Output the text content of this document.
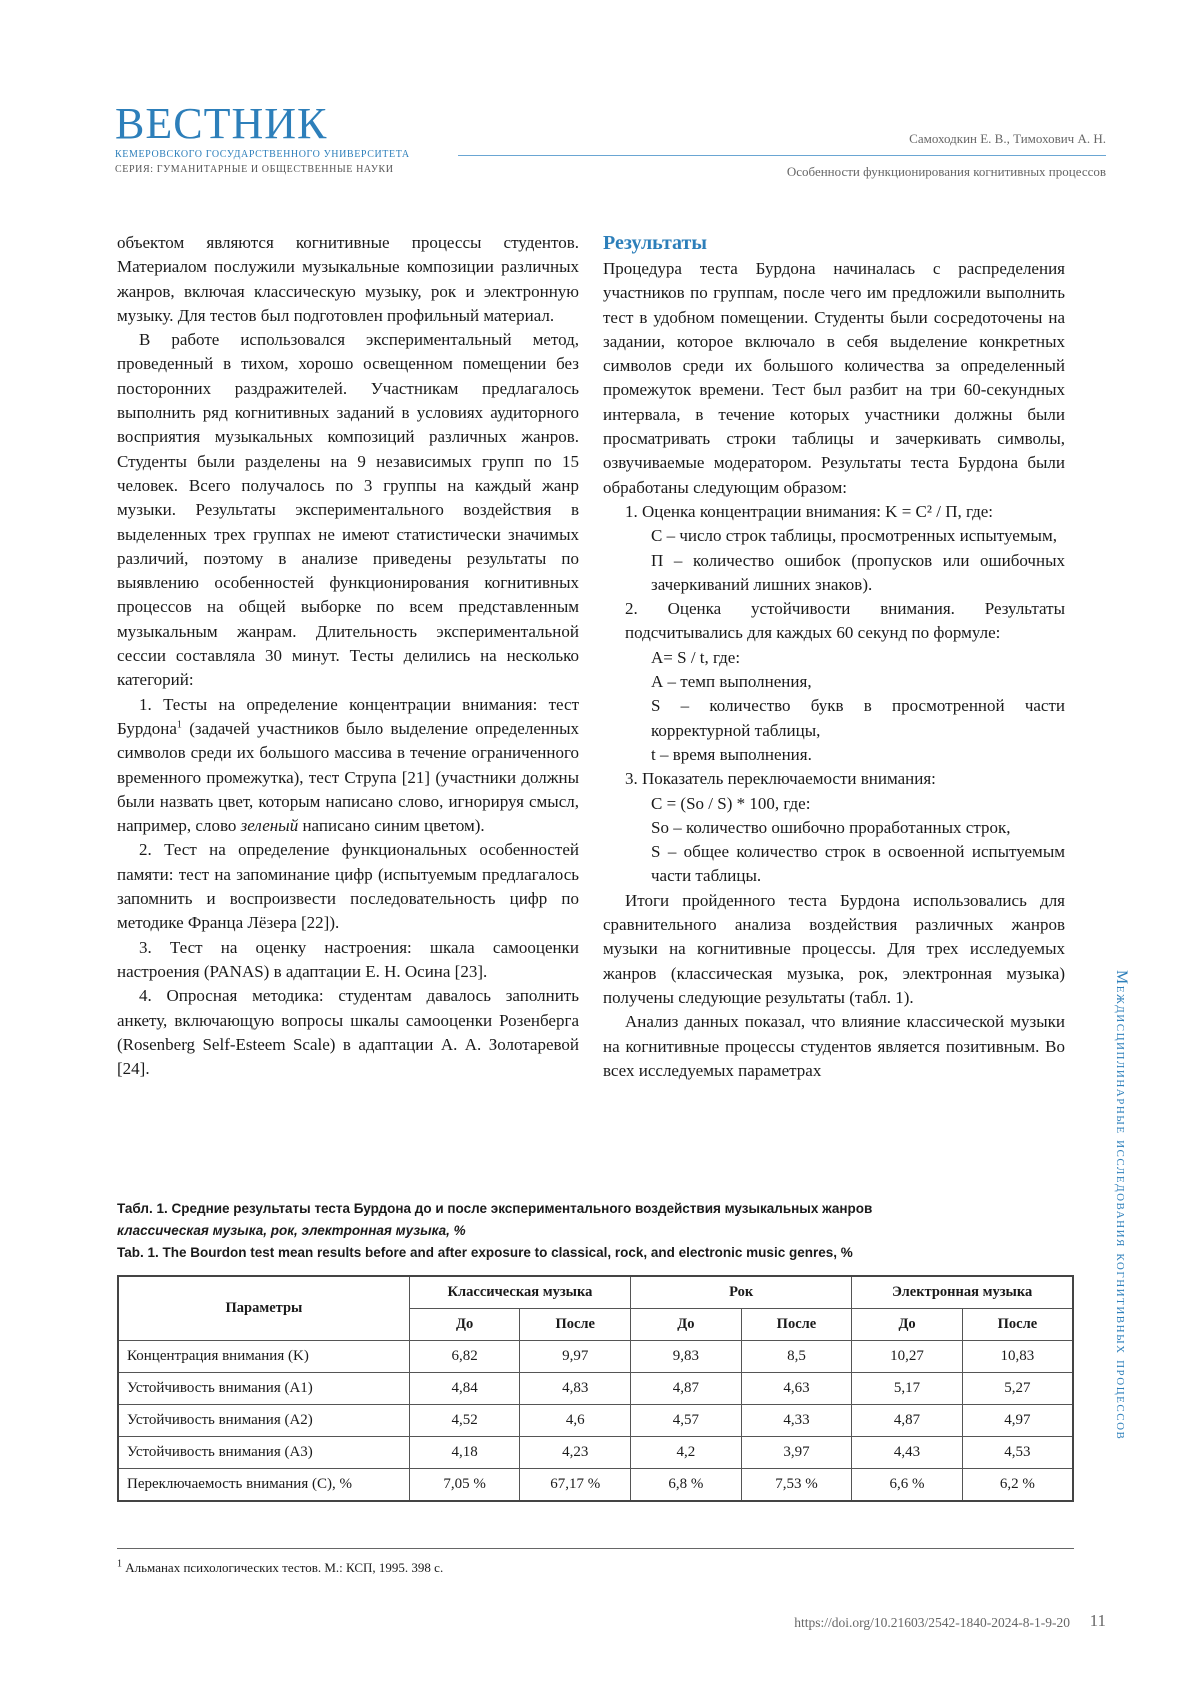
ВЕСТНИК
КЕМЕРОВСКОГО ГОСУДАРСТВЕННОГО УНИВЕРСИТЕТА
СЕРИЯ: ГУМАНИТАРНЫЕ И ОБЩЕСТВЕННЫЕ НАУКИ
Самоходкин Е. В., Тимохович А. Н.
Особенности функционирования когнитивных процессов

объектом являются когнитивные процессы студентов. Материалом послужили музыкальные композиции различных жанров, включая классическую музыку, рок и электронную музыку. Для тестов был подготовлен профильный материал.

В работе использовался экспериментальный метод, проведенный в тихом, хорошо освещенном помещении без посторонних раздражителей. Участникам предлагалось выполнить ряд когнитивных заданий в условиях аудиторного восприятия музыкальных композиций различных жанров. Студенты были разделены на 9 независимых групп по 15 человек. Всего получалось по 3 группы на каждый жанр музыки. Результаты экспериментального воздействия в выделенных трех группах не имеют статистически значимых различий, поэтому в анализе приведены результаты по выявлению особенностей функционирования когнитивных процессов на общей выборке по всем представленным музыкальным жанрам. Длительность экспериментальной сессии составляла 30 минут. Тесты делились на несколько категорий:

1. Тесты на определение концентрации внимания: тест Бурдона$^1$ (задачей участников было выделение определенных символов среди их большого массива в течение ограниченного временного промежутка), тест Струпа [21] (участники должны были назвать цвет, которым написано слово, игнорируя смысл, например, слово зеленый написано синим цветом).

2. Тест на определение функциональных особенностей памяти: тест на запоминание цифр (испытуемым предлагалось запомнить и воспроизвести последовательность цифр по методике Франца Лёзера [22]).

3. Тест на оценку настроения: шкала самооценки настроения (PANAS) в адаптации Е. Н. Осина [23].

4. Опросная методика: студентам давалось заполнить анкету, включающую вопросы шкалы самооценки Розенберга (Rosenberg Self-Esteem Scale) в адаптации А. А. Золотаревой [24].

Результаты

Процедура теста Бурдона начиналась с распределения участников по группам, после чего им предложили выполнить тест в удобном помещении. Студенты были сосредоточены на задании, которое включало в себя выделение конкретных символов среди их большого количества за определенный промежуток времени. Тест был разбит на три 60-секундных интервала, в течение которых участники должны были просматривать строки таблицы и зачеркивать символы, озвучиваемые модератором. Результаты теста Бурдона были обработаны следующим образом:

1. Оценка концентрации внимания: K = C² / П, где:

С – число строк таблицы, просмотренных испытуемым,

П – количество ошибок (пропусков или ошибочных зачеркиваний лишних знаков).

2. Оценка устойчивости внимания. Результаты подсчитывались для каждых 60 секунд по формуле:

A= S / t, где:

А – темп выполнения,

S – количество букв в просмотренной части корректурной таблицы,

t – время выполнения.

3. Показатель переключаемости внимания:

C = (So / S) * 100, где:

So – количество ошибочно проработанных строк,

S – общее количество строк в освоенной испытуемым части таблицы.

Итоги пройденного теста Бурдона использовались для сравнительного анализа воздействия различных жанров музыки на когнитивные процессы. Для трех исследуемых жанров (классическая музыка, рок, электронная музыка) получены следующие результаты (табл. 1).

Анализ данных показал, что влияние классической музыки на когнитивные процессы студентов является позитивным. Во всех исследуемых параметрах	Междисциплинарные исследования когнитивных процессов
Табл. 1. Средние результаты теста Бурдона до и после экспериментального воздействия музыкальных жанров
классическая музыка, рок, электронная музыка, %
Tab. 1. The Bourdon test mean results before and after exposure to classical, rock, and electronic music genres, %
Параметры	Классическая музыка		Рок		Электронная музыка	
	До	После	До	После	До	После
Концентрация внимания (K)	6,82	9,97	9,83	8,5	10,27	10,83
Устойчивость внимания (A1)	4,84	4,83	4,87	4,63	5,17	5,27
Устойчивость внимания (A2)	4,52	4,6	4,57	4,33	4,87	4,97
Устойчивость внимания (A3)	4,18	4,23	4,2	3,97	4,43	4,53
Переключаемость внимания (C), %	7,05 %	67,17 %	6,8 %	7,53 %	6,6 %	6,2 %
$^1$ Альманах психологических тестов. М.: КСП, 1995. 398 с.
https://doi.org/10.21603/2542-1840-2024-8-1-9-20 11
